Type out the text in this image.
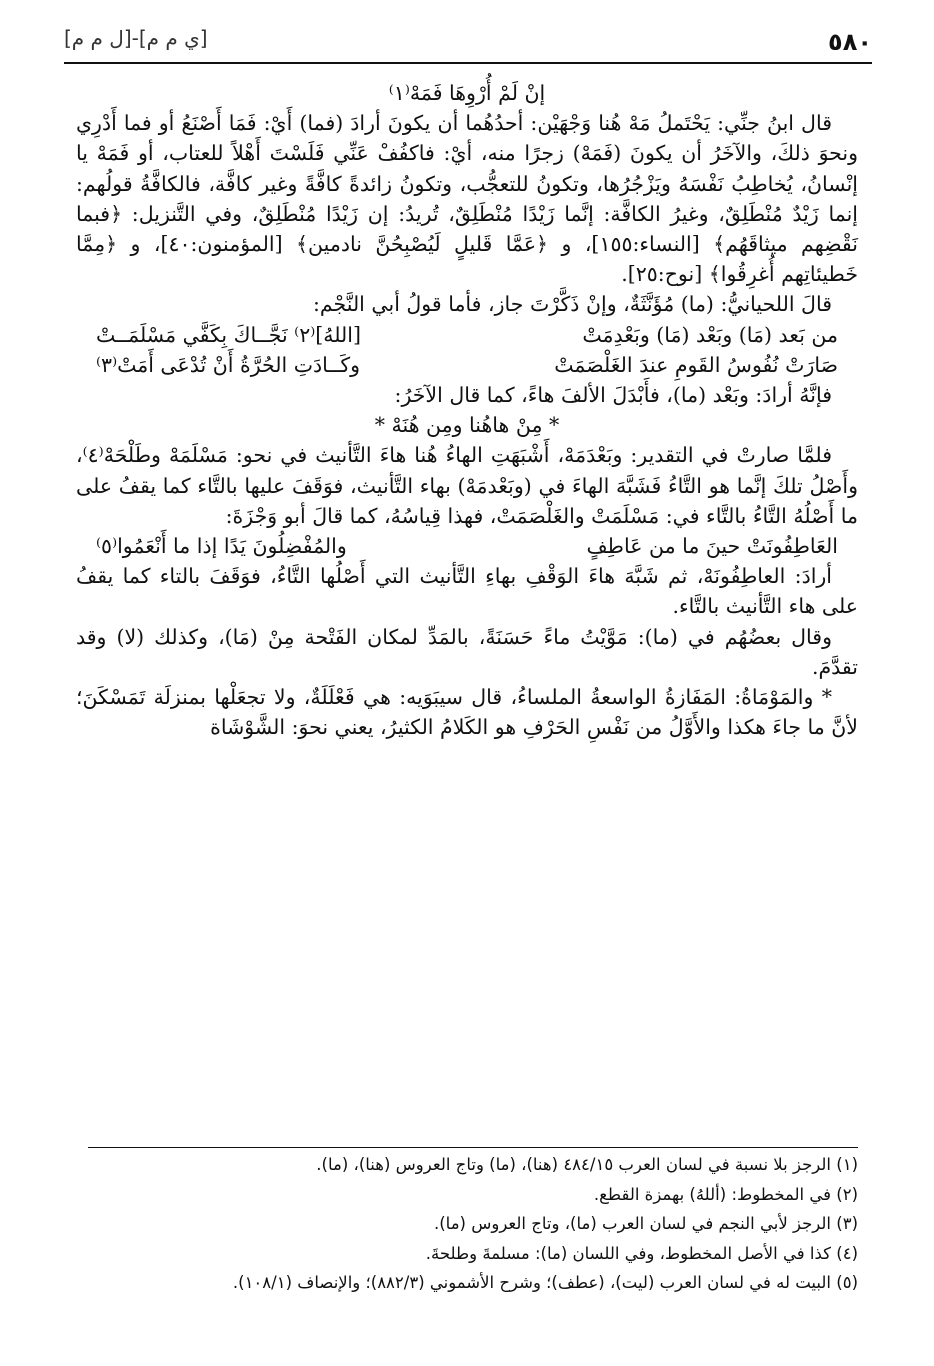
٥٨٠
[ي م م]-[ل م م]

إنْ لَمْ أُرْوِهَا فَمَهْ⁽١⁾

قال ابنُ جنِّي: يَحْتَملُ مَهْ هُنا وَجْهَيْن: أحدُهُما أن يكونَ أرادَ (فما) أَيْ: فَمَا أَصْنَعُ أو فما أَدْرِي ونحوَ ذلكَ، والآخَرُ أن يكونَ (فَمَهْ) زجرًا منه، أيْ: فاكفُفْ عَنِّي فَلَسْتَ أَهْلاً للعتاب، أو فَمَهْ يا إنْسانُ، يُخاطِبُ نَفْسَهُ ويَزْجُرُها، وتكونُ للتعجُّب، وتكونُ زائدةً كافَّةً وغير كافَّة، فالكافَّةُ قولُهم: إنما زَيْدٌ مُنْطَلِقٌ، وغيرُ الكافَّة: إنَّما زَيْدًا مُنْطَلِقٌ، تُريدُ: إن زَيْدًا مُنْطَلِقٌ، وفي التَّنزيل: ﴿فبما نَقْضِهم ميثاقَهُم﴾ [النساء:١٥٥]، و ﴿عَمَّا قَليلٍ لَيُصْبِحُنَّ نادمين﴾ [المؤمنون:٤٠]، و ﴿مِمَّا خَطيئاتِهم أُغرِقُوا﴾ [نوح:٢٥].

قالَ اللحيانيُّ: (ما) مُؤَنَّثَةٌ، وإنْ ذَكَّرْتَ جاز، فأما قولُ أبي النَّجْم:

من بَعد (مَا) وبَعْد (مَا) وبَعْدِمَتْ
[اللهُ]⁽٢⁾ نَجَّــاكَ بِكَفَّي مَسْلَمَــتْ
صَارَتْ نُفُوسُ القَومِ عندَ الغَلْصَمَتْ
وكَــادَتِ الحُرَّةُ أَنْ تُدْعَى أَمَتْ⁽٣⁾

فإنَّهُ أرادَ: وبَعْد (ما)، فأَبْدَلَ الألفَ هاءً، كما قال الآخَرُ:

* مِنْ هاهُنا ومِن هُنَهْ *

فلمَّا صارتْ في التقدير: وبَعْدَمَهْ، أَشْبَهَتِ الهاءُ هُنا هاءَ التَّأنيث في نحو: مَسْلَمَهْ وطَلْحَهْ⁽٤⁾، وأَصْلُ تلكَ إنَّما هو التَّاءُ فَشَبَّهَ الهاءَ في (وبَعْدمَهْ) بهاء التَّأنيث، فوَقَفَ عليها بالتَّاء كما يقفُ على ما أَصْلُهُ التَّاءُ بالتَّاء في: مَسْلَمَتْ والغَلْصَمَتْ، فهذا قِياسُهُ، كما قالَ أبو وَجْزَةَ:

العَاطِفُونَتْ حينَ ما من عَاطِفٍ
والمُفْضِلُونَ يَدًا إذا ما أَنْعَمُوا⁽٥⁾

أرادَ: العاطِفُونَهْ، ثم شَبَّهَ هاءَ الوَقْفِ بهاءِ التَّأنيث التي أَصْلُها التَّاءُ، فوَقَفَ بالتاء كما يقفُ على هاء التَّأنيث بالتَّاء.

وقال بعضُهُم في (ما): مَوَّيْتُ ماءً حَسَنَةً، بالمَدِّ لمكان الفَتْحة مِنْ (مَا)، وكذلك (لا) وقد تقدَّمَ.

* والمَوْمَاةُ: المَفَازةُ الواسعةُ الملساءُ، قال سيبَوَيه: هي فَعْلَلَةٌ، ولا تجعَلْها بمنزلَة تَمَسْكَنَ؛ لأنَّ ما جاءَ هكذا والأَوَّلُ من نَفْسِ الحَرْفِ هو الكَلامُ الكثيرُ، يعني نحوَ: الشَّوْشَاة

(١) الرجز بلا نسبة في لسان العرب ٤٨٤/١٥ (هنا)، (ما) وتاج العروس (هنا)، (ما).

(٢) في المخطوط: (أللهُ) بهمزة القطع.

(٣) الرجز لأبي النجم في لسان العرب (ما)، وتاج العروس (ما).

(٤) كذا في الأصل المخطوط، وفي اللسان (ما): مسلمةَ وطلحةَ.

(٥) البيت له في لسان العرب (ليت)، (عطف)؛ وشرح الأشموني (٨٨٢/٣)؛ والإنصاف (١٠٨/١).
